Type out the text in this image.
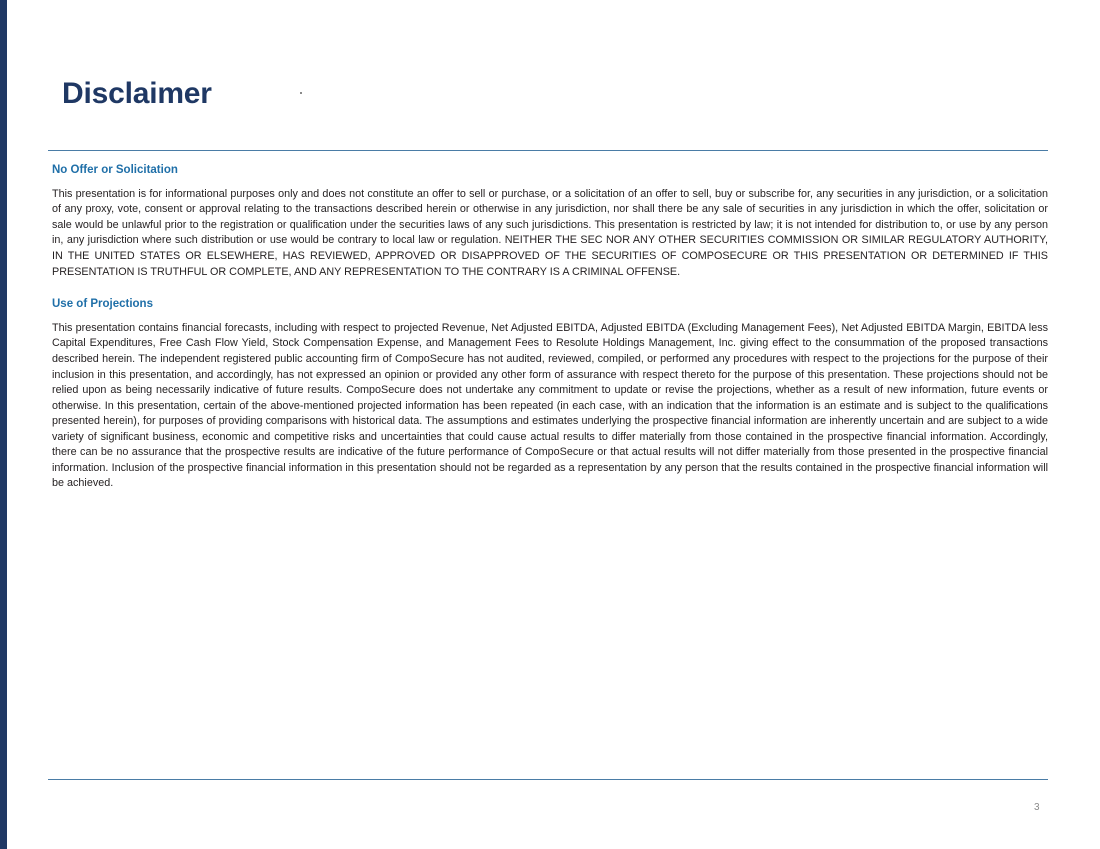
Disclaimer
No Offer or Solicitation

This presentation is for informational purposes only and does not constitute an offer to sell or purchase, or a solicitation of an offer to sell, buy or subscribe for, any securities in any jurisdiction, or a solicitation of any proxy, vote, consent or approval relating to the transactions described herein or otherwise in any jurisdiction, nor shall there be any sale of securities in any jurisdiction in which the offer, solicitation or sale would be unlawful prior to the registration or qualification under the securities laws of any such jurisdictions. This presentation is restricted by law; it is not intended for distribution to, or use by any person in, any jurisdiction where such distribution or use would be contrary to local law or regulation. NEITHER THE SEC NOR ANY OTHER SECURITIES COMMISSION OR SIMILAR REGULATORY AUTHORITY, IN THE UNITED STATES OR ELSEWHERE, HAS REVIEWED, APPROVED OR DISAPPROVED OF THE SECURITIES OF COMPOSECURE OR THIS PRESENTATION OR DETERMINED IF THIS PRESENTATION IS TRUTHFUL OR COMPLETE, AND ANY REPRESENTATION TO THE CONTRARY IS A CRIMINAL OFFENSE.

Use of Projections

This presentation contains financial forecasts, including with respect to projected Revenue, Net Adjusted EBITDA, Adjusted EBITDA (Excluding Management Fees), Net Adjusted EBITDA Margin, EBITDA less Capital Expenditures, Free Cash Flow Yield, Stock Compensation Expense, and Management Fees to Resolute Holdings Management, Inc. giving effect to the consummation of the proposed transactions described herein. The independent registered public accounting firm of CompoSecure has not audited, reviewed, compiled, or performed any procedures with respect to the projections for the purpose of their inclusion in this presentation, and accordingly, has not expressed an opinion or provided any other form of assurance with respect thereto for the purpose of this presentation. These projections should not be relied upon as being necessarily indicative of future results. CompoSecure does not undertake any commitment to update or revise the projections, whether as a result of new information, future events or otherwise. In this presentation, certain of the above-mentioned projected information has been repeated (in each case, with an indication that the information is an estimate and is subject to the qualifications presented herein), for purposes of providing comparisons with historical data. The assumptions and estimates underlying the prospective financial information are inherently uncertain and are subject to a wide variety of significant business, economic and competitive risks and uncertainties that could cause actual results to differ materially from those contained in the prospective financial information. Accordingly, there can be no assurance that the prospective results are indicative of the future performance of CompoSecure or that actual results will not differ materially from those presented in the prospective financial information. Inclusion of the prospective financial information in this presentation should not be regarded as a representation by any person that the results contained in the prospective financial information will be achieved.

3
